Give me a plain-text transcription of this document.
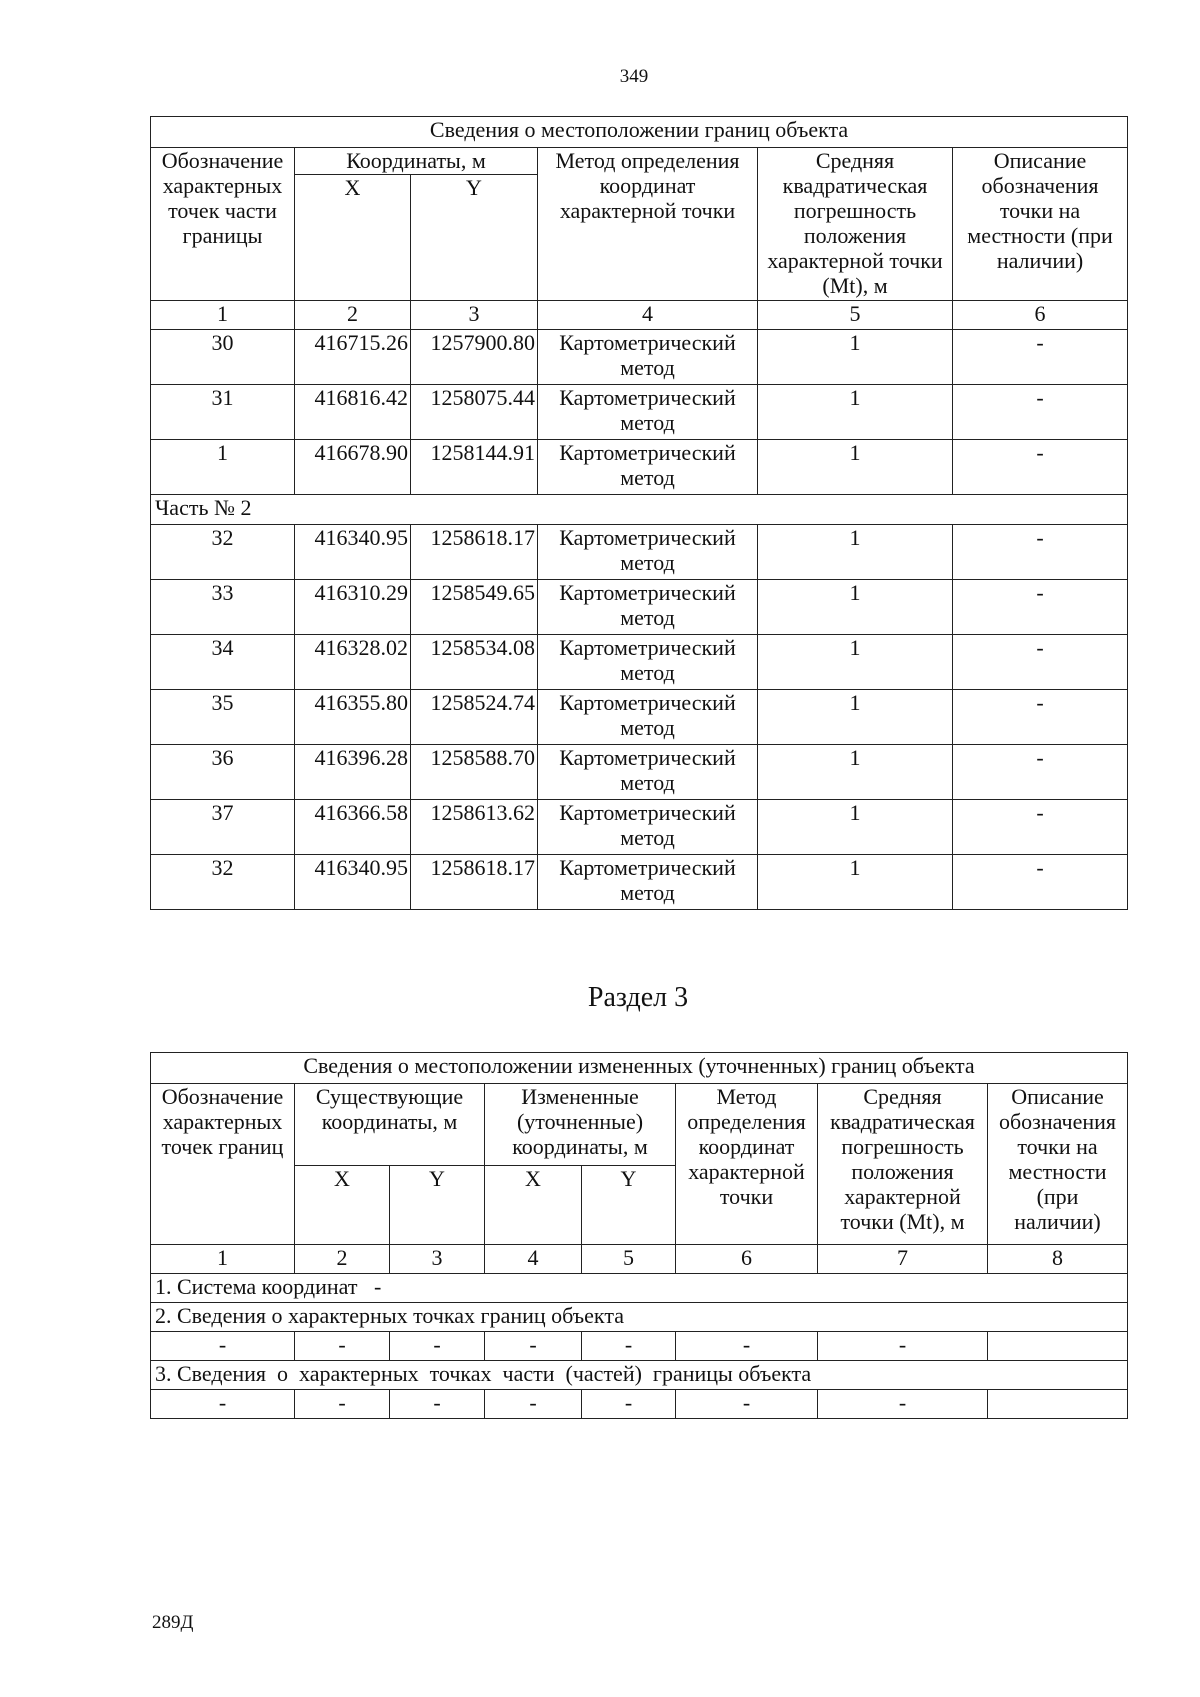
349
Сведения о местоположении границ объекта					
Обозначение характерных точек части границы	Координаты, м		Метод определения координат характерной точки	Средняя квадратическая погрешность положения характерной точки (Mt), м	Описание обозначения точки на местности (при наличии)
	X	Y			
1	2	3	4	5	6
30	416715.26	1257900.80	Картометрический метод	1	-
31	416816.42	1258075.44	Картометрический метод	1	-
1	416678.90	1258144.91	Картометрический метод	1	-
Часть № 2					
32	416340.95	1258618.17	Картометрический метод	1	-
33	416310.29	1258549.65	Картометрический метод	1	-
34	416328.02	1258534.08	Картометрический метод	1	-
35	416355.80	1258524.74	Картометрический метод	1	-
36	416396.28	1258588.70	Картометрический метод	1	-
37	416366.58	1258613.62	Картометрический метод	1	-
32	416340.95	1258618.17	Картометрический метод	1	-
Раздел 3
Сведения о местоположении измененных (уточненных) границ объекта							
Обозначение характерных точек границ	Существующие координаты, м		Измененные (уточненные) координаты, м		Метод определения координат характерной точки	Средняя квадратическая погрешность положения характерной точки (Mt), м	Описание обозначения точки на местности (при наличии)
	X	Y	X	Y			
1	2	3	4	5	6	7	8
1. Система координат   -							
2. Сведения о характерных точках границ объекта							
-	-	-	-	-	-	-	
3. Сведения  о  характерных  точках  части  (частей)  границы объекта							
-	-	-	-	-	-	-	
289Д
